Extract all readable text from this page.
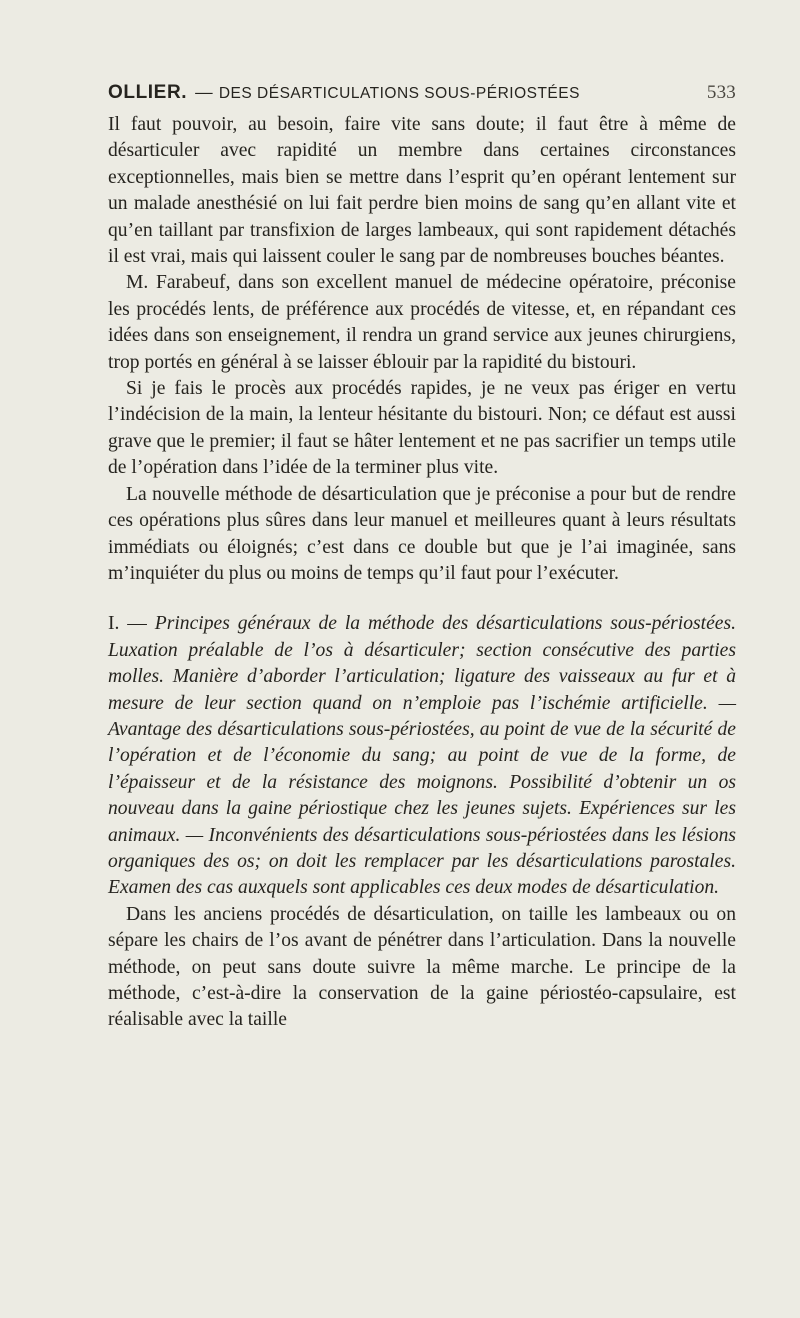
OLLIER. — DES DÉSARTICULATIONS SOUS-PÉRIOSTÉES	533

Il faut pouvoir, au besoin, faire vite sans doute; il faut être à même de désarticuler avec rapidité un membre dans certaines circonstances exceptionnelles, mais bien se mettre dans l’esprit qu’en opérant lentement sur un malade anesthésié on lui fait perdre bien moins de sang qu’en allant vite et qu’en taillant par transfixion de larges lambeaux, qui sont rapidement détachés il est vrai, mais qui laissent couler le sang par de nombreuses bouches béantes.

M. Farabeuf, dans son excellent manuel de médecine opératoire, préconise les procédés lents, de préférence aux procédés de vitesse, et, en répandant ces idées dans son enseignement, il rendra un grand service aux jeunes chirurgiens, trop portés en général à se laisser éblouir par la rapidité du bistouri.

Si je fais le procès aux procédés rapides, je ne veux pas ériger en vertu l’indécision de la main, la lenteur hésitante du bistouri. Non; ce défaut est aussi grave que le premier; il faut se hâter lentement et ne pas sacrifier un temps utile de l’opération dans l’idée de la terminer plus vite.

La nouvelle méthode de désarticulation que je préconise a pour but de rendre ces opérations plus sûres dans leur manuel et meilleures quant à leurs résultats immédiats ou éloignés; c’est dans ce double but que je l’ai imaginée, sans m’inquiéter du plus ou moins de temps qu’il faut pour l’exécuter.

I. — Principes généraux de la méthode des désarticulations sous-périostées. Luxation préalable de l’os à désarticuler; section consécutive des parties molles. Manière d’aborder l’articulation; ligature des vaisseaux au fur et à mesure de leur section quand on n’emploie pas l’ischémie artificielle. — Avantage des désarticulations sous-périostées, au point de vue de la sécurité de l’opération et de l’économie du sang; au point de vue de la forme, de l’épaisseur et de la résistance des moignons. Possibilité d’obtenir un os nouveau dans la gaine périostique chez les jeunes sujets. Expériences sur les animaux. — Inconvénients des désarticulations sous-périostées dans les lésions organiques des os; on doit les remplacer par les désarticulations parostales. Examen des cas auxquels sont applicables ces deux modes de désarticulation.

Dans les anciens procédés de désarticulation, on taille les lambeaux ou on sépare les chairs de l’os avant de pénétrer dans l’articulation. Dans la nouvelle méthode, on peut sans doute suivre la même marche. Le principe de la méthode, c’est-à-dire la conservation de la gaine périostéo-capsulaire, est réalisable avec la taille
